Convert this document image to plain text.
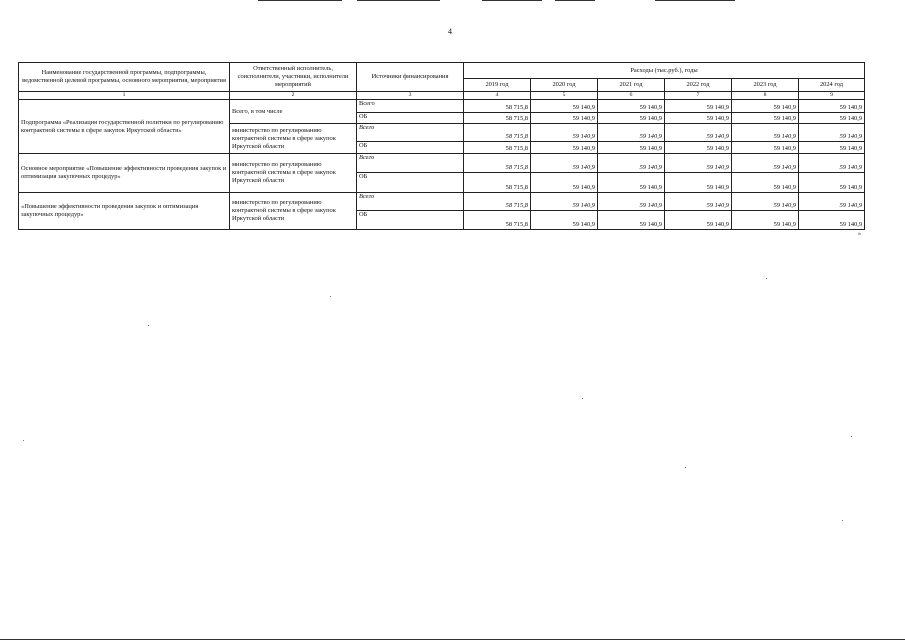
4
Наименование государственной программы, подпрограммы, ведомственной целевой программы, основного мероприятия, мероприятия	Ответственный исполнитель, соисполнители, участники, исполнители мероприятий	Источники финансирования	Расходы (тыс.руб.), годы					
			2019 год	2020 год	2021 год	2022 год	2023 год	2024 год
1	2	3	4	5	6	7	8	9
Подпрограмма «Реализация государственной политики по регулированию контрактной системы в сфере закупок Иркутской области»	Всего, в том числе	Всего	58 715,8	59 140,9	59 140,9	59 140,9	59 140,9	59 140,9
		ОБ	58 715,8	59 140,9	59 140,9	59 140,9	59 140,9	59 140,9
	министерство по регулированию контрактной системы в сфере закупок Иркутской области	Всего	58 715,8	59 140,9	59 140,9	59 140,9	59 140,9	59 140,9
		ОБ	58 715,8	59 140,9	59 140,9	59 140,9	59 140,9	59 140,9
Основное мероприятие «Повышение эффективности проведения закупок и оптимизация закупочных процедур»	министерство по регулированию контрактной системы в сфере закупок Иркутской области	Всего	58 715,8	59 140,9	59 140,9	59 140,9	59 140,9	59 140,9
		ОБ	58 715,8	59 140,9	59 140,9	59 140,9	59 140,9	59 140,9
«Повышение эффективности проведения закупок и оптимизация закупочных процедур»	министерство по регулированию контрактной системы в сфере закупок Иркутской области	Всего	58 715,8	59 140,9	59 140,9	59 140,9	59 140,9	59 140,9
		ОБ	58 715,8	59 140,9	59 140,9	59 140,9	59 140,9	59 140,9
»
